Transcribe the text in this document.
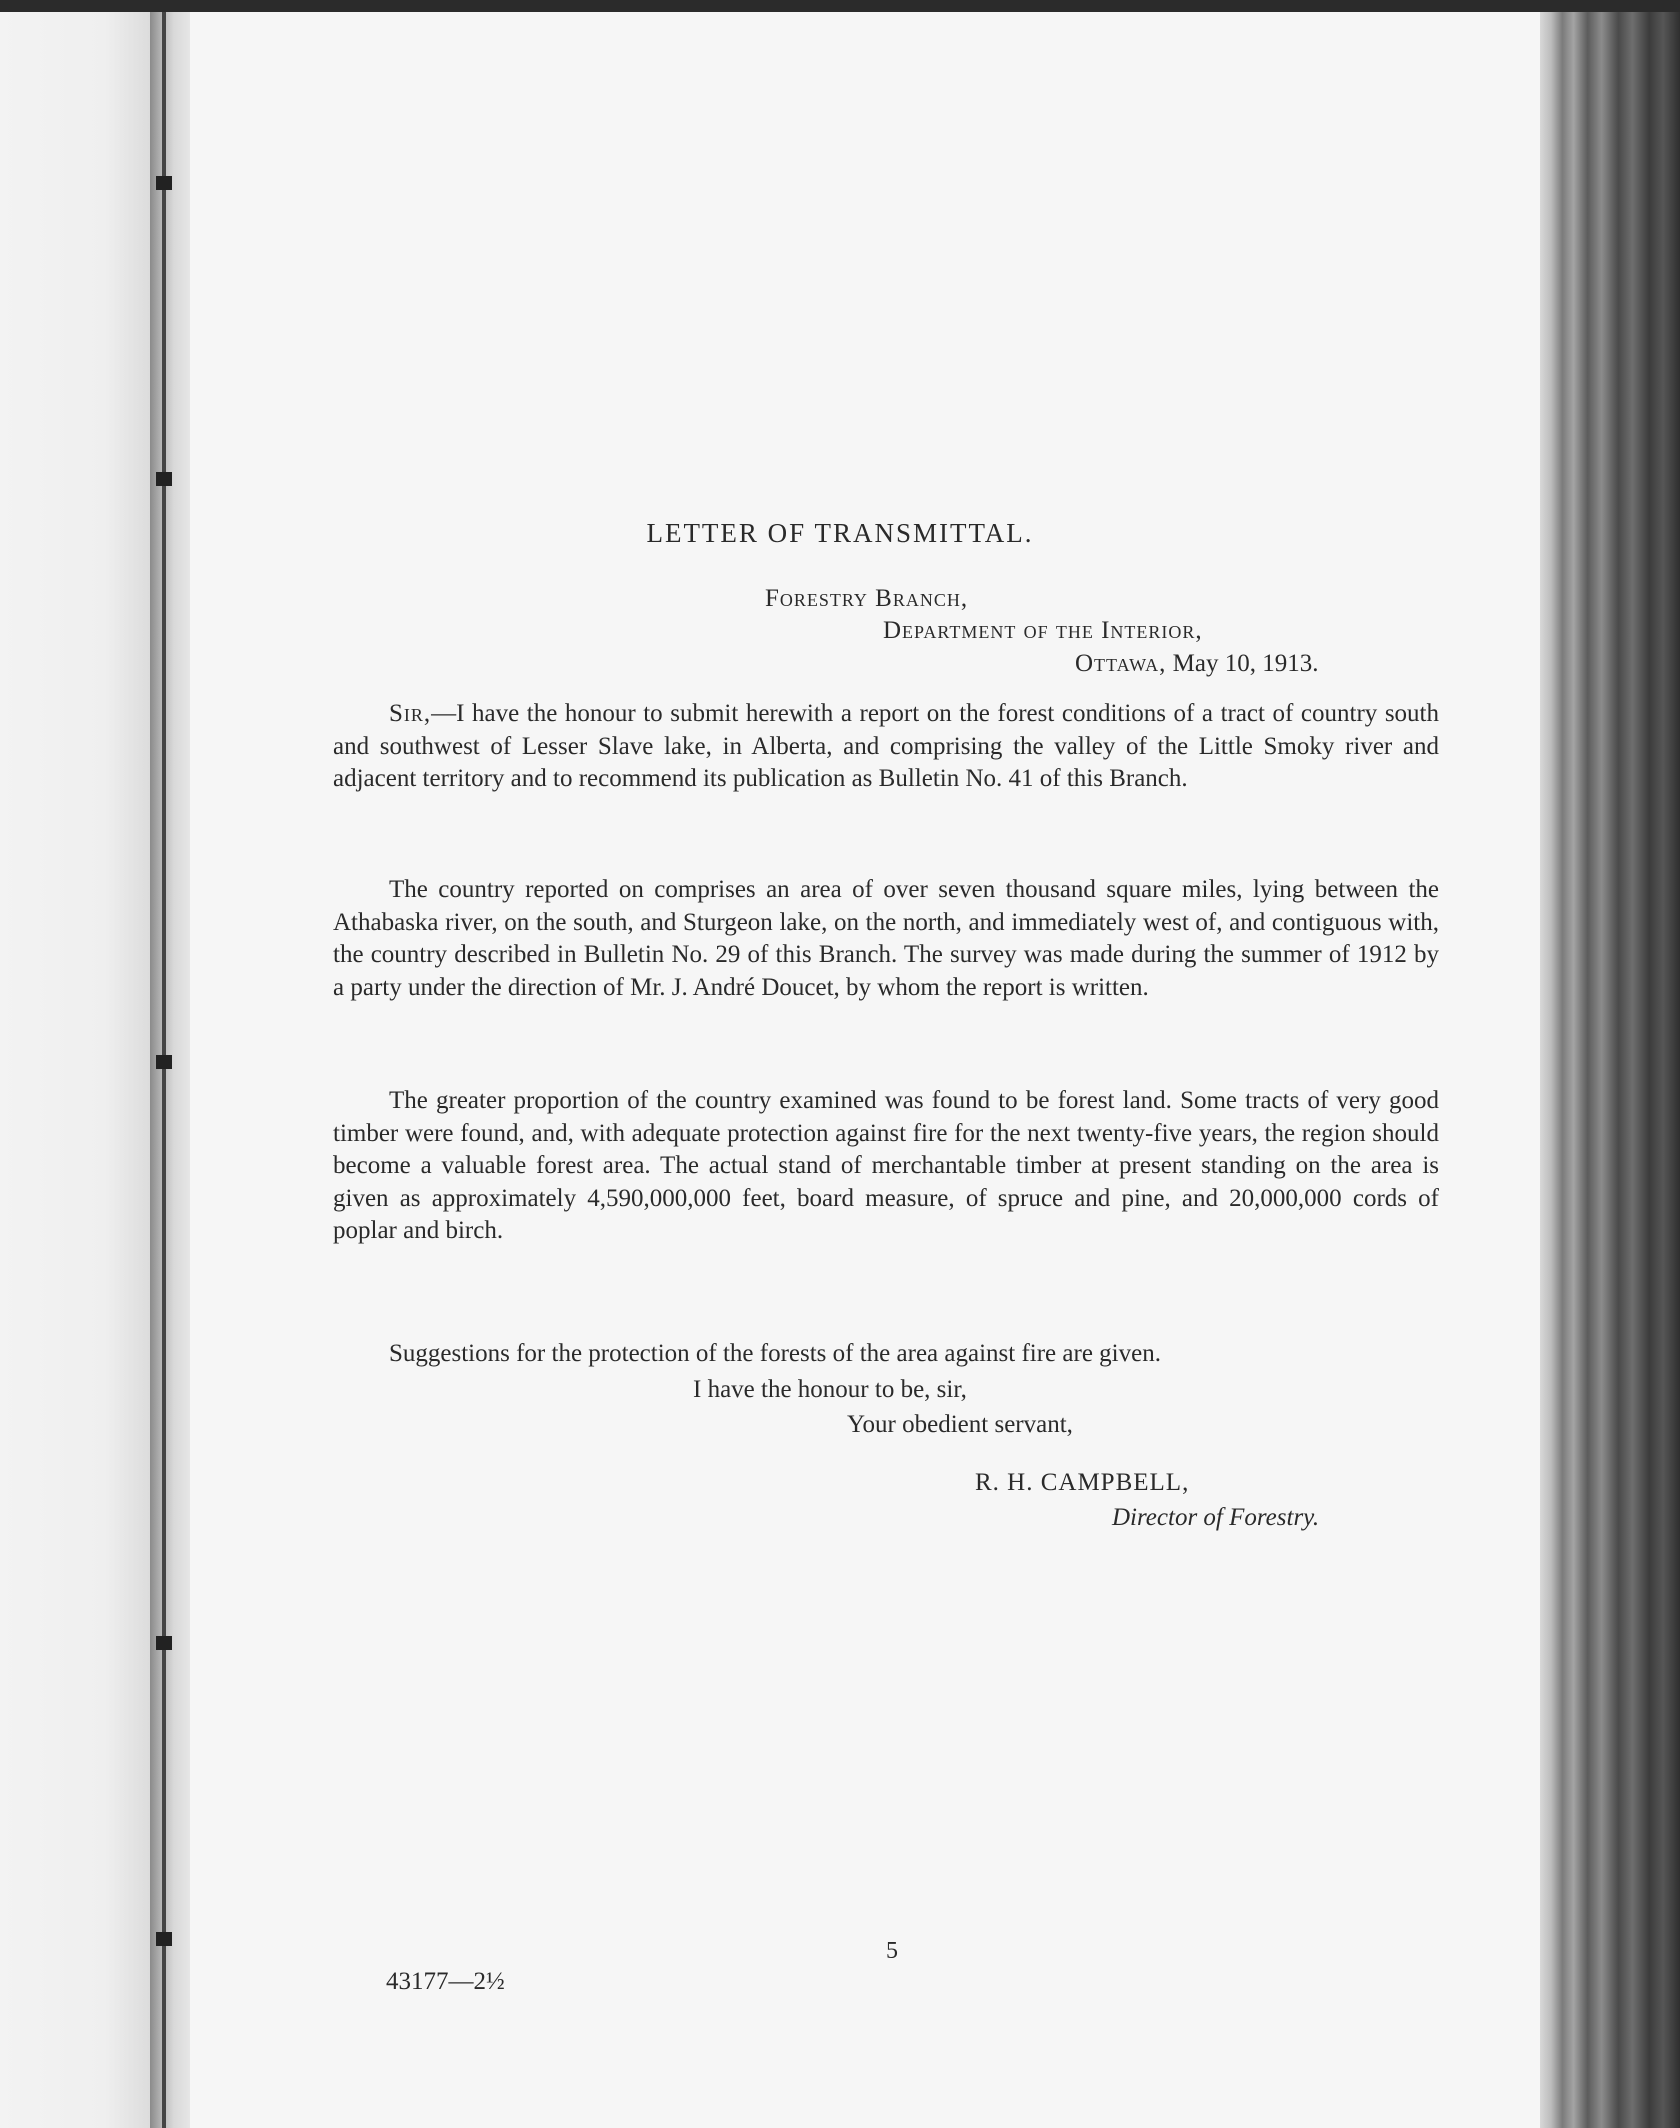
LETTER OF TRANSMITTAL.
Forestry Branch,
Department of the Interior,
Ottawa, May 10, 1913.

Sir,—I have the honour to submit herewith a report on the forest conditions of a tract of country south and southwest of Lesser Slave lake, in Alberta, and comprising the valley of the Little Smoky river and adjacent territory and to recommend its publication as Bulletin No. 41 of this Branch.

The country reported on comprises an area of over seven thousand square miles, lying between the Athabaska river, on the south, and Sturgeon lake, on the north, and immediately west of, and contiguous with, the country described in Bulletin No. 29 of this Branch. The survey was made during the summer of 1912 by a party under the direction of Mr. J. André Doucet, by whom the report is written.

The greater proportion of the country examined was found to be forest land. Some tracts of very good timber were found, and, with adequate protection against fire for the next twenty-five years, the region should become a valuable forest area. The actual stand of merchantable timber at present standing on the area is given as approximately 4,590,000,000 feet, board measure, of spruce and pine, and 20,000,000 cords of poplar and birch.

Suggestions for the protection of the forests of the area against fire are given.

I have the honour to be, sir,
Your obedient servant,
R. H. CAMPBELL,
Director of Forestry.
5
43177—2½
